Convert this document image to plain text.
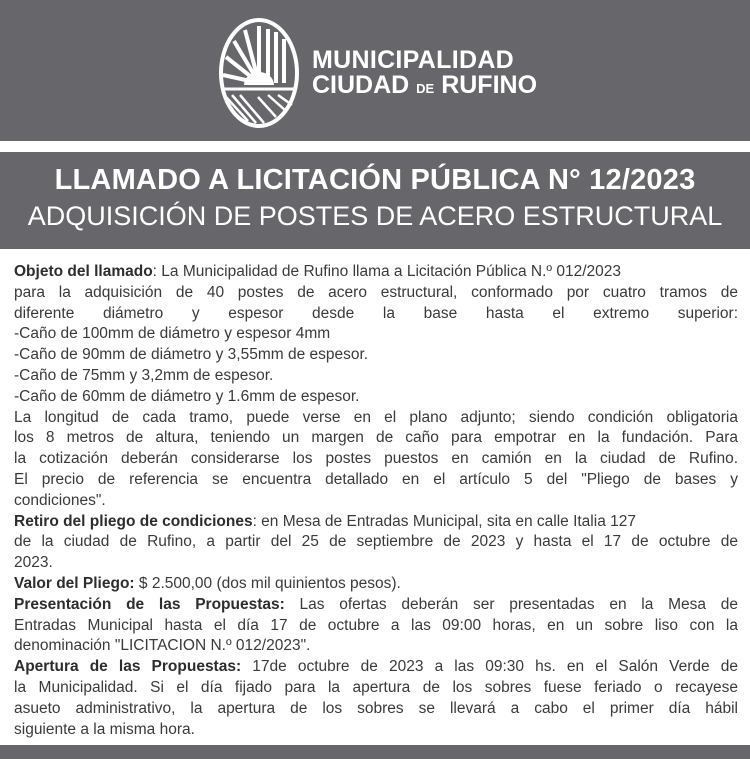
MUNICIPALIDAD
CIUDAD DE RUFINO
LLAMADO A LICITACIÓN PÚBLICA N° 12/2023
ADQUISICIÓN DE POSTES DE ACERO ESTRUCTURAL
Objeto del llamado: La Municipalidad de Rufino llama a Licitación Pública N.º 012/2023
para la adquisición de 40 postes de acero estructural, conformado por cuatro tramos de
diferente diámetro y espesor desde la base hasta el extremo superior:
-Caño de 100mm de diámetro y espesor 4mm
-Caño de 90mm de diámetro y 3,55mm de espesor.
-Caño de 75mm y 3,2mm de espesor.
-Caño de 60mm de diámetro y 1.6mm de espesor.
La longitud de cada tramo, puede verse en el plano adjunto; siendo condición obligatoria
los 8 metros de altura, teniendo un margen de caño para empotrar en la fundación. Para
la cotización deberán considerarse los postes puestos en camión en la ciudad de Rufino.
El precio de referencia se encuentra detallado en el artículo 5 del "Pliego de bases y
condiciones".
Retiro del pliego de condiciones: en Mesa de Entradas Municipal, sita en calle Italia 127
de la ciudad de Rufino, a partir del 25 de septiembre de 2023 y hasta el 17 de octubre de
2023.
Valor del Pliego: $ 2.500,00 (dos mil quinientos pesos).
Presentación de las Propuestas: Las ofertas deberán ser presentadas en la Mesa de
Entradas Municipal hasta el día 17 de octubre a las 09:00 horas, en un sobre liso con la
denominación "LICITACION N.º 012/2023".
Apertura de las Propuestas: 17de octubre de 2023 a las 09:30 hs. en el Salón Verde de
la Municipalidad. Si el día fijado para la apertura de los sobres fuese feriado o recayese
asueto administrativo, la apertura de los sobres se llevará a cabo el primer día hábil
siguiente a la misma hora.
